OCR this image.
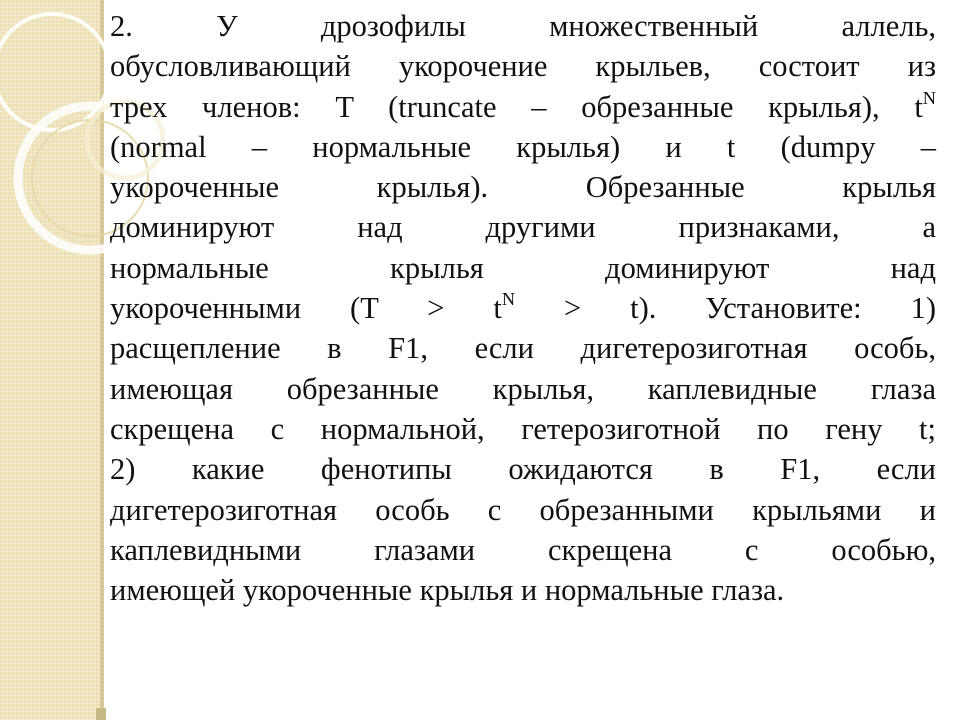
2. У дрозофилы множественный аллель,
обусловливающий укорочение крыльев, состоит из
трех членов: T (truncate – обрезанные крылья), $t^N$
(normal – нормальные крылья) и t (dumpy –
укороченные крылья). Обрезанные крылья
доминируют над другими признаками, а
нормальные крылья доминируют над
укороченными $(T > t^N > t)$. Установите: 1)
расщепление в F1, если дигетерозиготная особь,
имеющая обрезанные крылья, каплевидные глаза
скрещена с нормальной, гетерозиготной по гену t;
2) какие фенотипы ожидаются в F1, если
дигетерозиготная особь с обрезанными крыльями и
каплевидными глазами скрещена с особью,
имеющей укороченные крылья и нормальные глаза.
